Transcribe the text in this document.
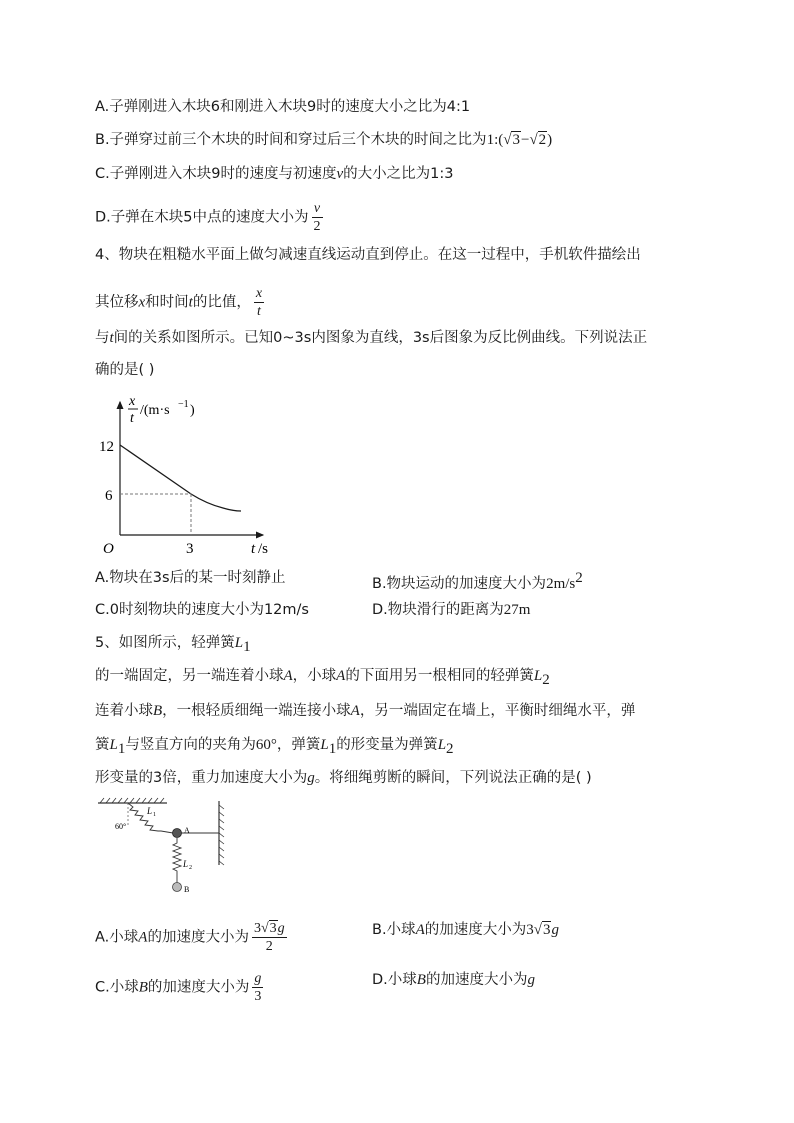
A.子弹刚进入木块6和刚进入木块9时的速度大小之比为4:1
B.子弹穿过前三个木块的时间和穿过后三个木块的时间之比为1:(√3−√2)
C.子弹刚进入木块9时的速度与初速度v的大小之比为1:3
D.子弹在木块5中点的速度大小为 $\frac{v}{2}$
4、物块在粗糙水平面上做匀减速直线运动直到停止。在这一过程中，手机软件描绘出
其位移x和时间t的比值， $\frac{x}{t}$
与t间的关系如图所示。已知0~3s内图象为直线，3s后图象为反比例曲线。下列说法正
确的是( )
12
6
3
O	t /s
x
t
/(m·s −1 )
A.物块在3s后的某一时刻静止	B.物块运动的加速度大小为$2m/s^2$
C.0时刻物块的速度大小为12m/s	D.物块滑行的距离为27m
5、如图所示，轻弹簧$L_1$
的一端固定，另一端连着小球A，小球A的下面用另一根相同的轻弹簧$L_2$
连着小球B，一根轻质细绳一端连接小球A，另一端固定在墙上，平衡时细绳水平，弹
簧$L_1$与竖直方向的夹角为60°，弹簧$L_1$的形变量为弹簧$L_2$
形变量的3倍，重力加速度大小为g。将细绳剪断的瞬间，下列说法正确的是( )
60°
L 1
A
L 2
B
A.小球A的加速度大小为 $\frac{3√3g}{2}$	B.小球A的加速度大小为3√3g
C.小球B的加速度大小为 $\frac{g}{3}$	D.小球B的加速度大小为g
